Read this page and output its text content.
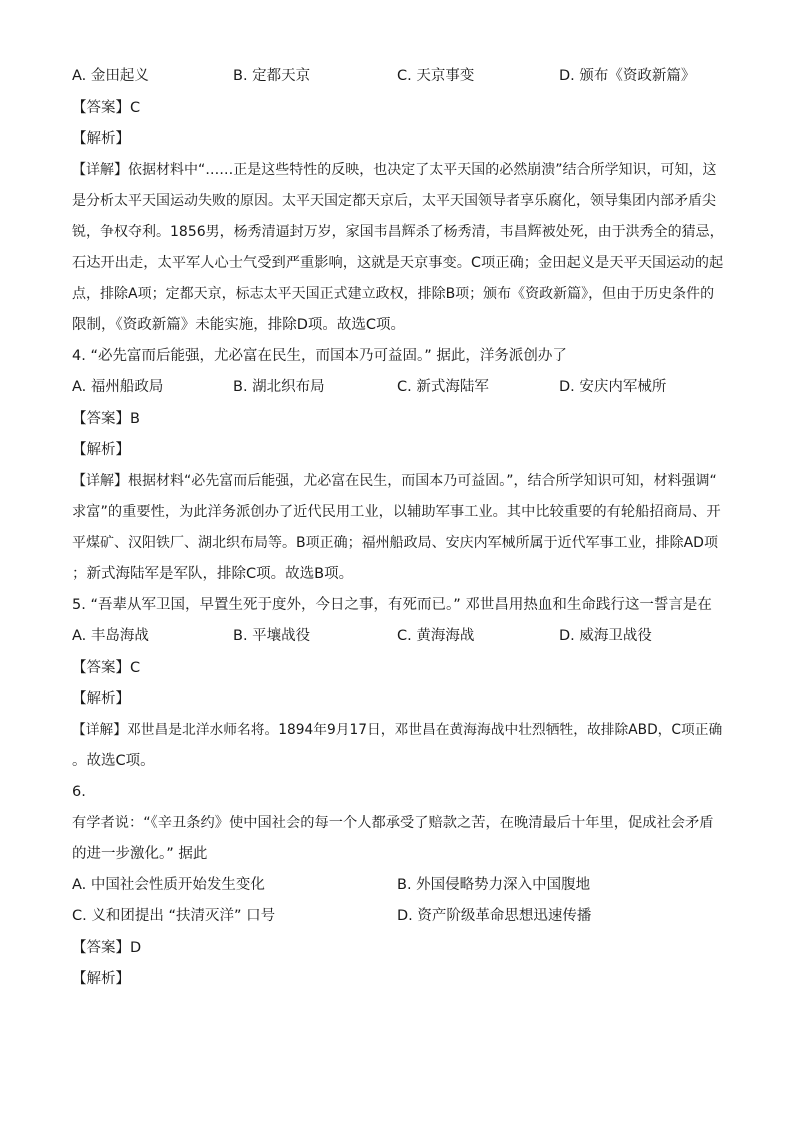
A. 金田起义	B. 定都天京	C. 天京事变	D. 颁布《资政新篇》
【答案】C
【解析】
【详解】依据材料中“……正是这些特性的反映，也决定了太平天国的必然崩溃”结合所学知识，可知，这
是分析太平天国运动失败的原因。太平天国定都天京后，太平天国领导者享乐腐化，领导集团内部矛盾尖
锐，争权夺利。1856男，杨秀清逼封万岁，家国韦昌辉杀了杨秀清，韦昌辉被处死，由于洪秀全的猜忌，
石达开出走，太平军人心士气受到严重影响，这就是天京事变。C项正确；金田起义是天平天国运动的起
点，排除A项；定都天京，标志太平天国正式建立政权，排除B项；颁布《资政新篇》，但由于历史条件的
限制，《资政新篇》未能实施，排除D项。故选C项。
4. “必先富而后能强，尤必富在民生，而国本乃可益固。” 据此，洋务派创办了
A. 福州船政局	B. 湖北织布局	C. 新式海陆军	D. 安庆内军械所
【答案】B
【解析】
【详解】根据材料“必先富而后能强，尤必富在民生，而国本乃可益固。”，结合所学知识可知，材料强调“
求富”的重要性，为此洋务派创办了近代民用工业，以辅助军事工业。其中比较重要的有轮船招商局、开
平煤矿、汉阳铁厂、湖北织布局等。B项正确；福州船政局、安庆内军械所属于近代军事工业，排除AD项
；新式海陆军是军队，排除C项。故选B项。
5. “吾辈从军卫国，早置生死于度外，今日之事，有死而已。” 邓世昌用热血和生命践行这一誓言是在
A. 丰岛海战	B. 平壤战役	C. 黄海海战	D. 威海卫战役
【答案】C
【解析】
【详解】邓世昌是北洋水师名将。1894年9月17日，邓世昌在黄海海战中壮烈牺牲，故排除ABD，C项正确
。故选C项。
6.
有学者说：“《辛丑条约》使中国社会的每一个人都承受了赔款之苦，在晚清最后十年里，促成社会矛盾
的进一步激化。” 据此
A. 中国社会性质开始发生变化	B. 外国侵略势力深入中国腹地
C. 义和团提出 “扶清灭洋” 口号	D. 资产阶级革命思想迅速传播
【答案】D
【解析】
